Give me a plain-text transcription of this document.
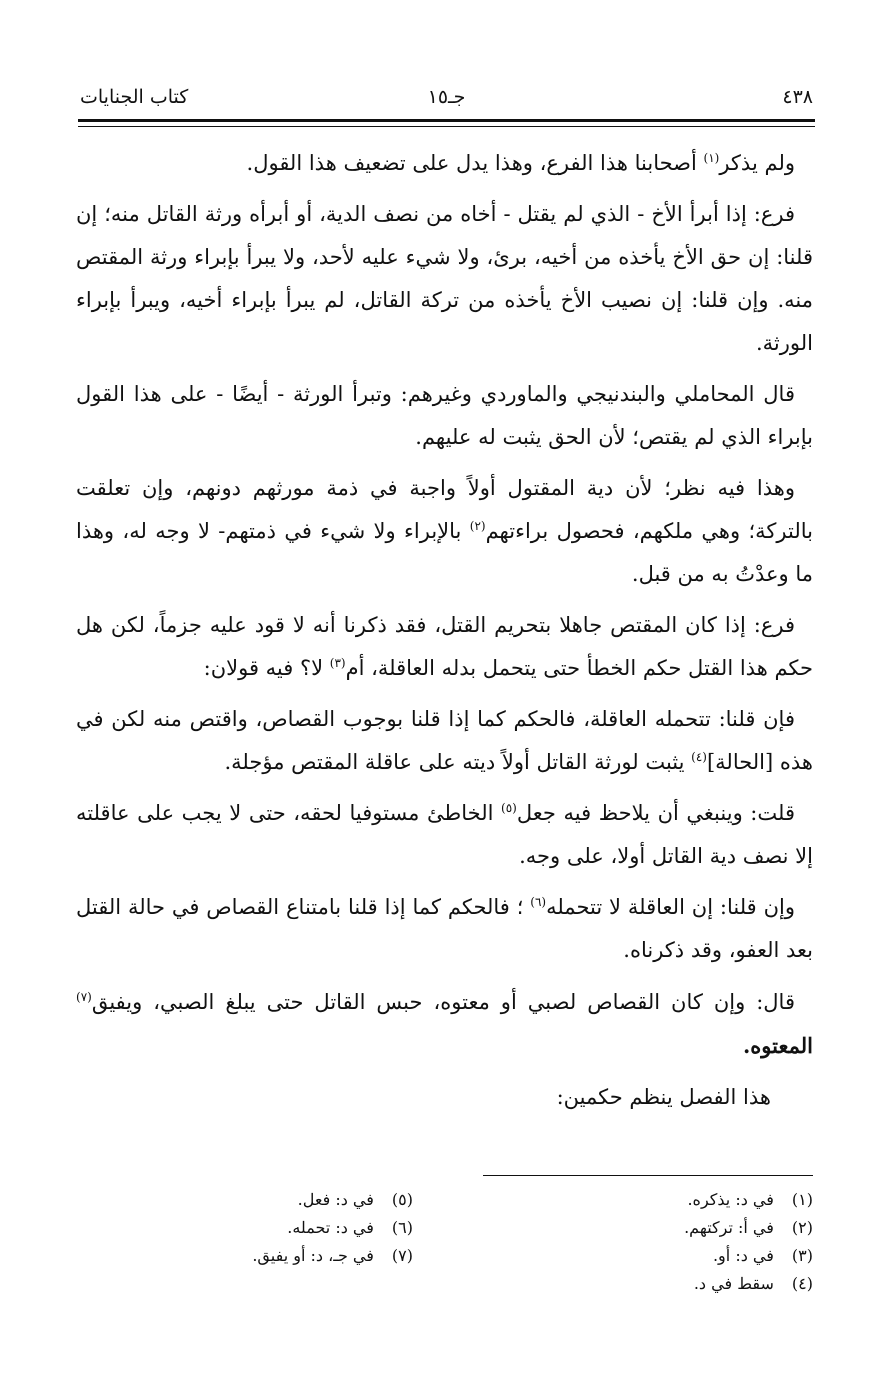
٤٣٨
جـ١٥
كتاب الجنايات

ولم يذكر$^{(١)}$ أصحابنا هذا الفرع، وهذا يدل على تضعيف هذا القول.

فرع: إذا أبرأ الأخ - الذي لم يقتل - أخاه من نصف الدية، أو أبرأه ورثة القاتل منه؛ إن قلنا: إن حق الأخ يأخذه من أخيه، برئ، ولا شيء عليه لأحد، ولا يبرأ بإبراء ورثة المقتص منه. وإن قلنا: إن نصيب الأخ يأخذه من تركة القاتل، لم يبرأ بإبراء أخيه، ويبرأ بإبراء الورثة.

قال المحاملي والبندنيجي والماوردي وغيرهم: وتبرأ الورثة - أيضًا - على هذا القول بإبراء الذي لم يقتص؛ لأن الحق يثبت له عليهم.

وهذا فيه نظر؛ لأن دية المقتول أولاً واجبة في ذمة مورثهم دونهم، وإن تعلقت بالتركة؛ وهي ملكهم، فحصول براءتهم$^{(٢)}$ بالإبراء ولا شيء في ذمتهم- لا وجه له، وهذا ما وعدْتُ به من قبل.

فرع: إذا كان المقتص جاهلا بتحريم القتل، فقد ذكرنا أنه لا قود عليه جزماً، لكن هل حكم هذا القتل حكم الخطأ حتى يتحمل بدله العاقلة، أم$^{(٣)}$ لا؟ فيه قولان:

فإن قلنا: تتحمله العاقلة، فالحكم كما إذا قلنا بوجوب القصاص، واقتص منه لكن في هذه [الحالة]$^{(٤)}$ يثبت لورثة القاتل أولاً ديته على عاقلة المقتص مؤجلة.

قلت: وينبغي أن يلاحظ فيه جعل$^{(٥)}$ الخاطئ مستوفيا لحقه، حتى لا يجب على عاقلته إلا نصف دية القاتل أولا، على وجه.

وإن قلنا: إن العاقلة لا تتحمله$^{(٦)}$ ؛ فالحكم كما إذا قلنا بامتناع القصاص في حالة القتل بعد العفو، وقد ذكرناه.

قال: وإن كان القصاص لصبي أو معتوه، حبس القاتل حتى يبلغ الصبي، ويفيق$^{(٧)}$ المعتوه.

هذا الفصل ينظم حكمين:

(١) في د: يذكره.
(٢) في أ: تركتهم.
(٣) في د: أو.
(٤) سقط في د.
(٥) في د: فعل.
(٦) في د: تحمله.
(٧) في جـ، د: أو يفيق.
